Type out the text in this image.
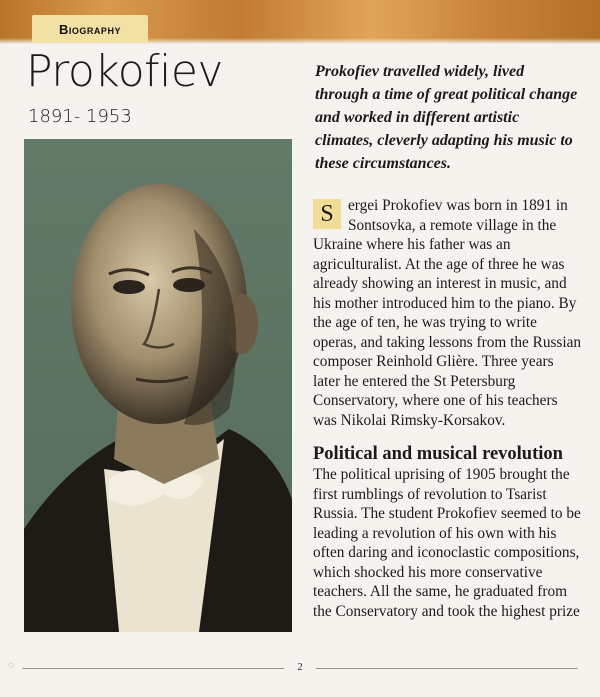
Biography
Prokofiev
1891- 1953
Prokofiev travelled widely, lived through a time of great political change and worked in different artistic climates, cleverly adapting his music to these circumstances.
S ergei Prokofiev was born in 1891 in Sontsovka, a remote village in the Ukraine where his father was an agriculturalist. At the age of three he was already showing an interest in music, and his mother introduced him to the piano. By the age of ten, he was trying to write operas, and taking lessons from the Russian composer Reinhold Glière. Three years later he entered the St Petersburg Conservatory, where one of his teachers was Nikolai Rimsky-Korsakov.
Political and musical revolution
The political uprising of 1905 brought the first rumblings of revolution to Tsarist Russia. The student Prokofiev seemed to be leading a revolution of his own with his often daring and iconoclastic compositions, which shocked his more conservative teachers. All the same, he graduated from the Conservatory and took the highest prize
◌	2
